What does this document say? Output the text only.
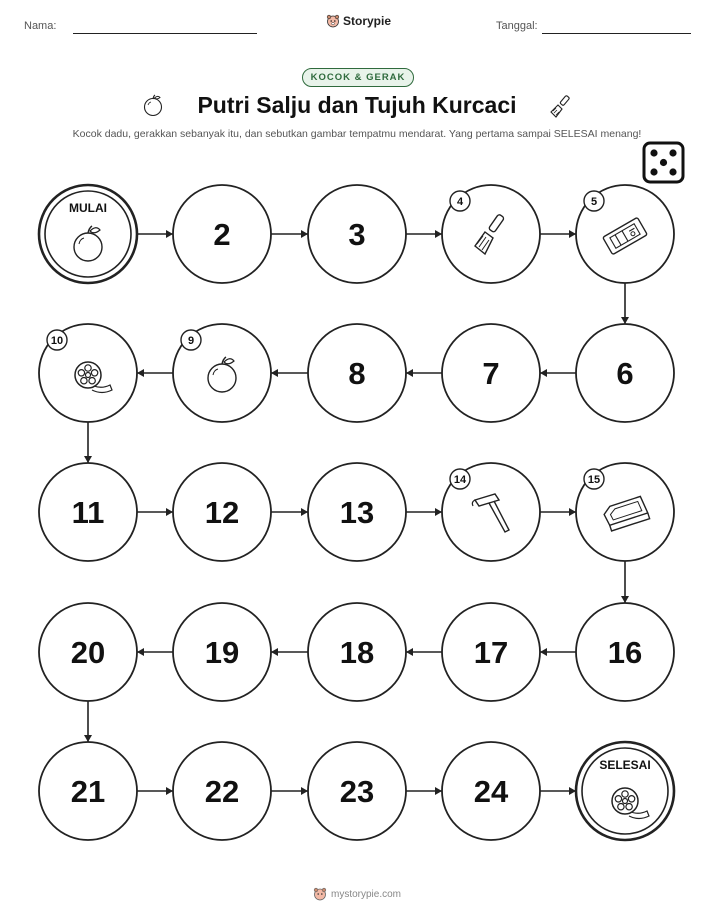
Nama:	Storypie	Tanggal:
KOCOK & GERAK
Putri Salju dan Tujuh Kurcaci
Kocok dadu, gerakkan sebanyak itu, dan sebutkan gambar tempatmu mendarat. Yang pertama sampai SELESAI menang!
MULAI
2	3
4	5
6
7
8
9
10
11	12	13
14	15
16
17
18
19
20
21	22	23	24
SELESAI
mystorypie.com
